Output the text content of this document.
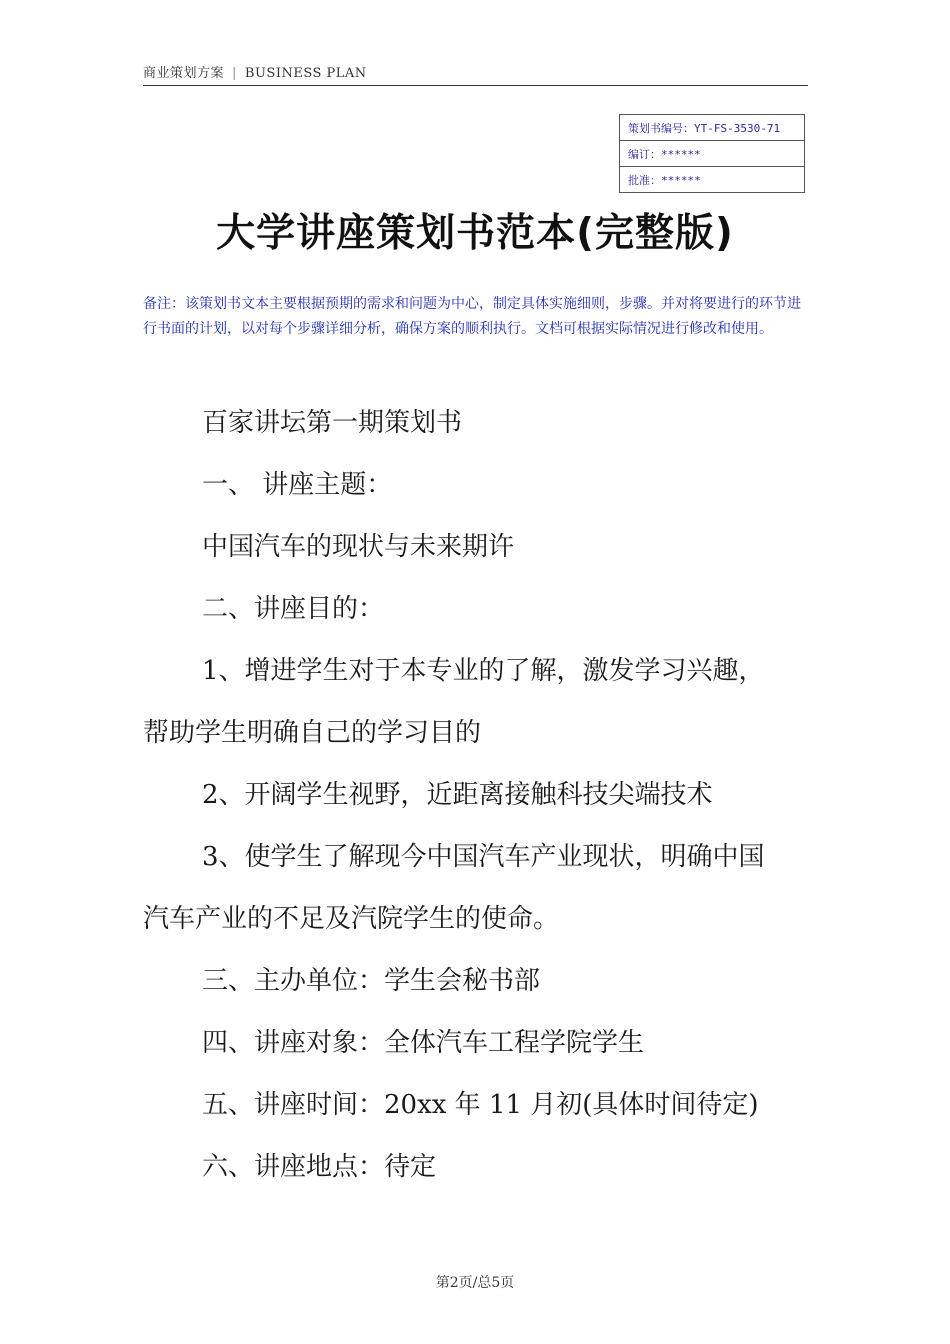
商业策划方案 | BUSINESS PLAN
策划书编号：YT-FS-3530-71
编订：******
批准：******
大学讲座策划书范本(完整版)
备注：该策划书文本主要根据预期的需求和问题为中心，制定具体实施细则，步骤。并对将要进行的环节进行书面的计划，以对每个步骤详细分析，确保方案的顺利执行。文档可根据实际情况进行修改和使用。

百家讲坛第一期策划书

一、 讲座主题：

中国汽车的现状与未来期许

二、讲座目的：

1、增进学生对于本专业的了解，激发学习兴趣，

帮助学生明确自己的学习目的

2、开阔学生视野，近距离接触科技尖端技术

3、使学生了解现今中国汽车产业现状，明确中国

汽车产业的不足及汽院学生的使命。

三、主办单位：学生会秘书部

四、讲座对象：全体汽车工程学院学生

五、讲座时间：20xx 年 11 月初(具体时间待定)

六、讲座地点：待定

第2页/总5页
